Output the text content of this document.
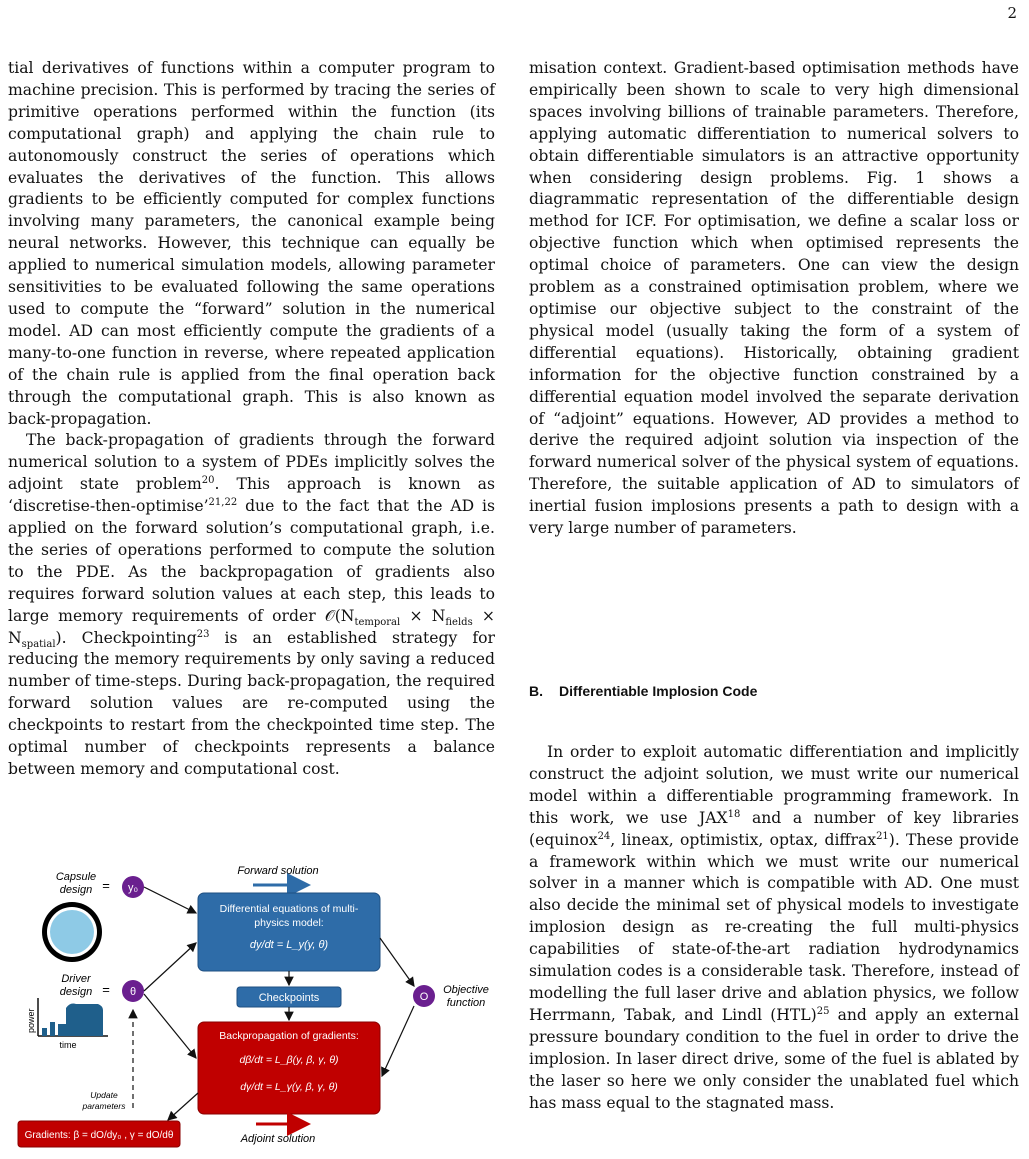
2

tial derivatives of functions within a computer program to machine precision. This is performed by tracing the series of primitive operations performed within the function (its computational graph) and applying the chain rule to autonomously construct the series of operations which evaluates the derivatives of the function. This allows gradients to be efficiently computed for complex functions involving many parameters, the canonical example being neural networks. However, this technique can equally be applied to numerical simulation models, allowing parameter sensitivities to be evaluated following the same operations used to compute the “forward” solution in the numerical model. AD can most efficiently compute the gradients of a many-to-one function in reverse, where repeated application of the chain rule is applied from the final operation back through the computational graph. This is also known as back-propagation.

The back-propagation of gradients through the forward numerical solution to a system of PDEs implicitly solves the adjoint state problem$^{20}$. This approach is known as ‘discretise-then-optimise’$^{21,22}$ due to the fact that the AD is applied on the forward solution’s computational graph, i.e. the series of operations performed to compute the solution to the PDE. As the backpropagation of gradients also requires forward solution values at each step, this leads to large memory requirements of order $𝒪(N_{temporal} \times N_{fields} \times N_{spatial})$. Checkpointing$^{23}$ is an established strategy for reducing the memory requirements by only saving a reduced number of time-steps. During back-propagation, the required forward solution values are re-computed using the checkpoints to restart from the checkpointed time step. The optimal number of checkpoints represents a balance between memory and computational cost.

misation context. Gradient-based optimisation methods have empirically been shown to scale to very high dimensional spaces involving billions of trainable parameters. Therefore, applying automatic differentiation to numerical solvers to obtain differentiable simulators is an attractive opportunity when considering design problems. Fig. 1 shows a diagrammatic representation of the differentiable design method for ICF. For optimisation, we define a scalar loss or objective function which when optimised represents the optimal choice of parameters. One can view the design problem as a constrained optimisation problem, where we optimise our objective subject to the constraint of the physical model (usually taking the form of a system of differential equations). Historically, obtaining gradient information for the objective function constrained by a differential equation model involved the separate derivation of “adjoint” equations. However, AD provides a method to derive the required adjoint solution via inspection of the forward numerical solver of the physical system of equations. Therefore, the suitable application of AD to simulators of inertial fusion implosions presents a path to design with a very large number of parameters.

B. Differentiable Implosion Code

In order to exploit automatic differentiation and implicitly construct the adjoint solution, we must write our numerical model within a differentiable programming framework. In this work, we use JAX$^{18}$ and a number of key libraries (equinox$^{24}$, lineax, optimistix, optax, diffrax$^{21}$). These provide a framework within which we must write our numerical solver in a manner which is compatible with AD. One must also decide the minimal set of physical models to investigate implosion design as re-creating the full multi-physics capabilities of state-of-the-art radiation hydrodynamics simulation codes is a considerable task. Therefore, instead of modelling the full laser drive and ablation physics, we follow Herrmann, Tabak, and Lindl (HTL)$^{25}$ and apply an external pressure boundary condition to the fuel in order to drive the implosion. In laser direct drive, some of the fuel is ablated by the laser so here we only consider the unablated fuel which has mass equal to the stagnated mass.

Capsule
design = y₀
Driver
design = θ
power
time
Forward solution
Differential equations of multi-
physics model:
dy/dt = L_y(y, θ)
Checkpoints
Backpropagation of gradients:
dβ/dt = L_β(y, β, γ, θ)
dγ/dt = L_γ(y, β, γ, θ)
O
Objective
function
Update
parameters
Gradients: β = dO/dy₀ , γ = dO/dθ	Adjoint solution
